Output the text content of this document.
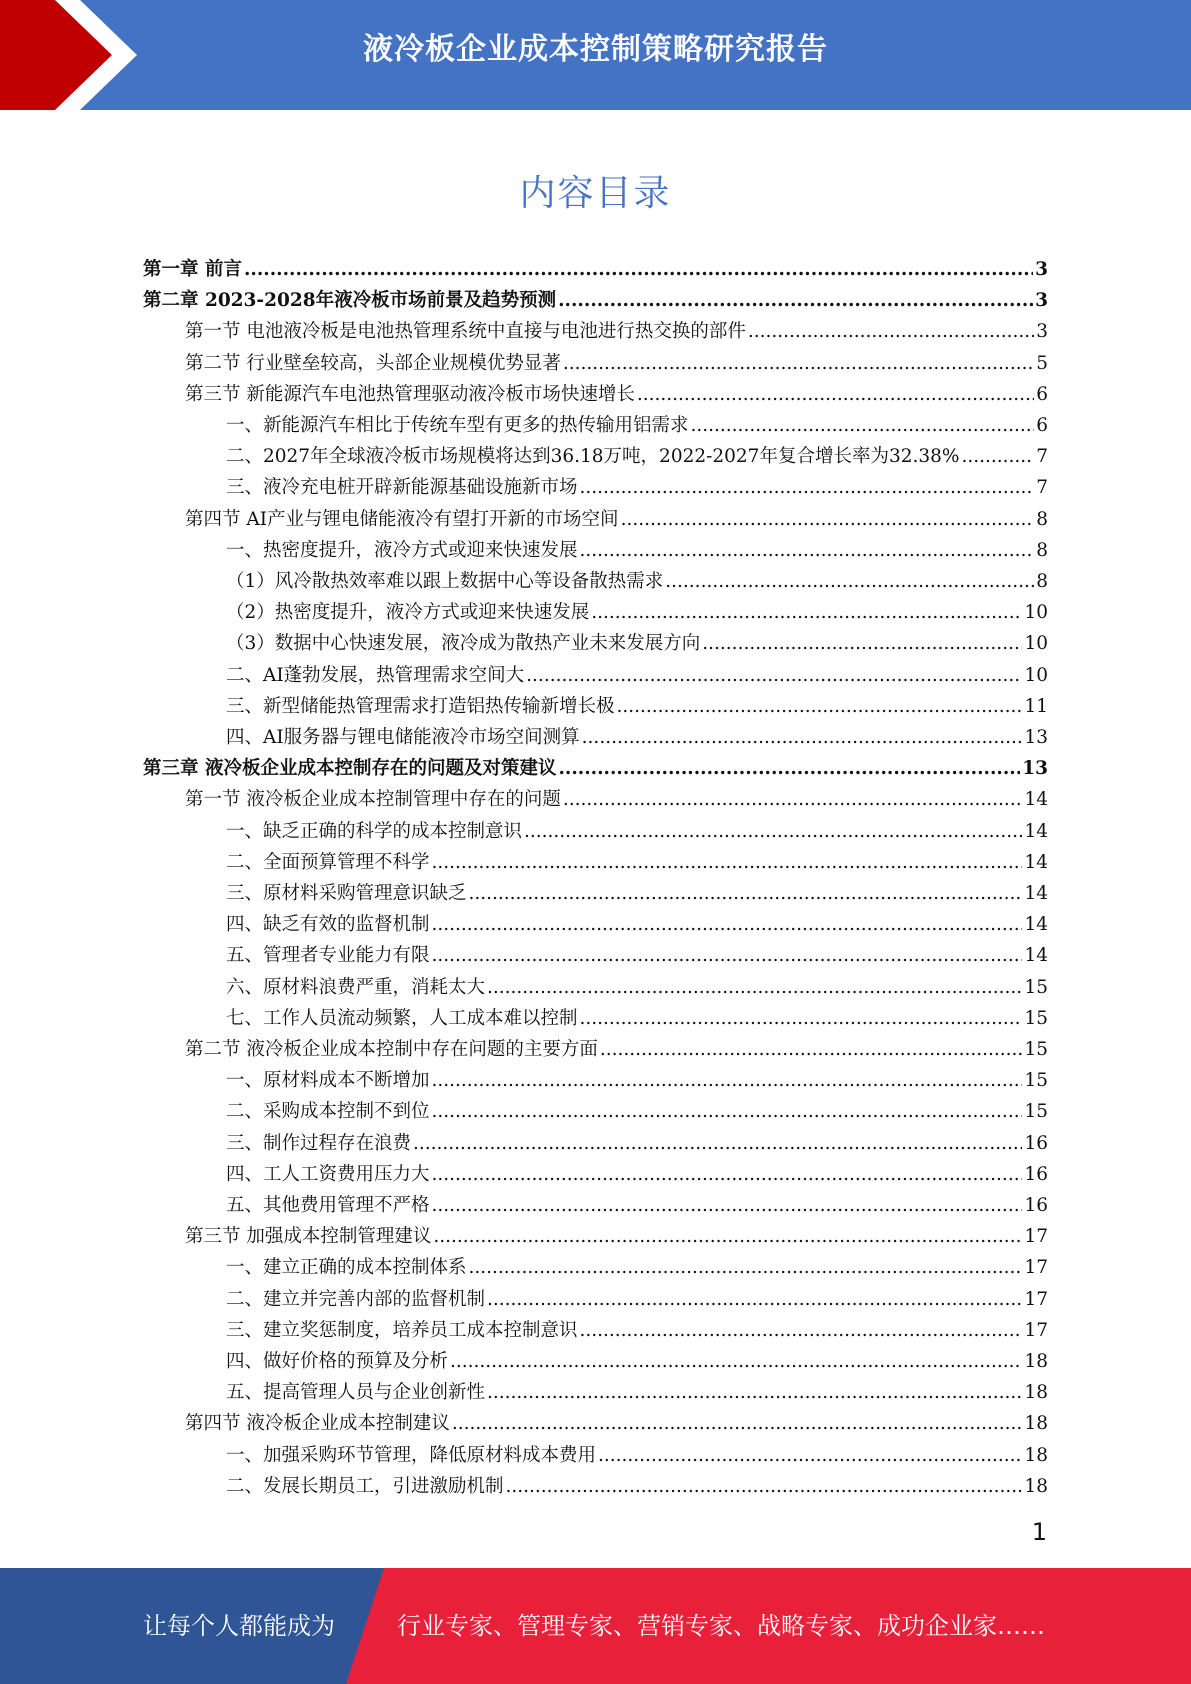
液冷板企业成本控制策略研究报告
内容目录
第一章 前言 .....	3
第二章 2023-2028年液冷板市场前景及趋势预测 .....	3
第一节 电池液冷板是电池热管理系统中直接与电池进行热交换的部件 .....	3
第二节 行业壁垒较高，头部企业规模优势显著 .....	5
第三节 新能源汽车电池热管理驱动液冷板市场快速增长 .....	6
一、新能源汽车相比于传统车型有更多的热传输用铝需求 .....	6
二、2027年全球液冷板市场规模将达到36.18万吨，2022-2027年复合增长率为32.38% .....	7
三、液冷充电桩开辟新能源基础设施新市场 .....	7
第四节 AI产业与锂电储能液冷有望打开新的市场空间 .....	8
一、热密度提升，液冷方式或迎来快速发展 .....	8
（1）风冷散热效率难以跟上数据中心等设备散热需求 .....	8
（2）热密度提升，液冷方式或迎来快速发展 .....	10
（3）数据中心快速发展，液冷成为散热产业未来发展方向 .....	10
二、AI蓬勃发展，热管理需求空间大 .....	10
三、新型储能热管理需求打造铝热传输新增长极 .....	11
四、AI服务器与锂电储能液冷市场空间测算 .....	13
第三章 液冷板企业成本控制存在的问题及对策建议 .....	13
第一节 液冷板企业成本控制管理中存在的问题 .....	14
一、缺乏正确的科学的成本控制意识 .....	14
二、全面预算管理不科学 .....	14
三、原材料采购管理意识缺乏 .....	14
四、缺乏有效的监督机制 .....	14
五、管理者专业能力有限 .....	14
六、原材料浪费严重，消耗太大 .....	15
七、工作人员流动频繁，人工成本难以控制 .....	15
第二节 液冷板企业成本控制中存在问题的主要方面 .....	15
一、原材料成本不断增加 .....	15
二、采购成本控制不到位 .....	15
三、制作过程存在浪费 .....	16
四、工人工资费用压力大 .....	16
五、其他费用管理不严格 .....	16
第三节 加强成本控制管理建议 .....	17
一、建立正确的成本控制体系 .....	17
二、建立并完善内部的监督机制 .....	17
三、建立奖惩制度，培养员工成本控制意识 .....	17
四、做好价格的预算及分析 .....	18
五、提高管理人员与企业创新性 .....	18
第四节 液冷板企业成本控制建议 .....	18
一、加强采购环节管理，降低原材料成本费用 .....	18
二、发展长期员工，引进激励机制 .....	18
1
让每个人都能成为	行业专家、管理专家、营销专家、战略专家、成功企业家……
